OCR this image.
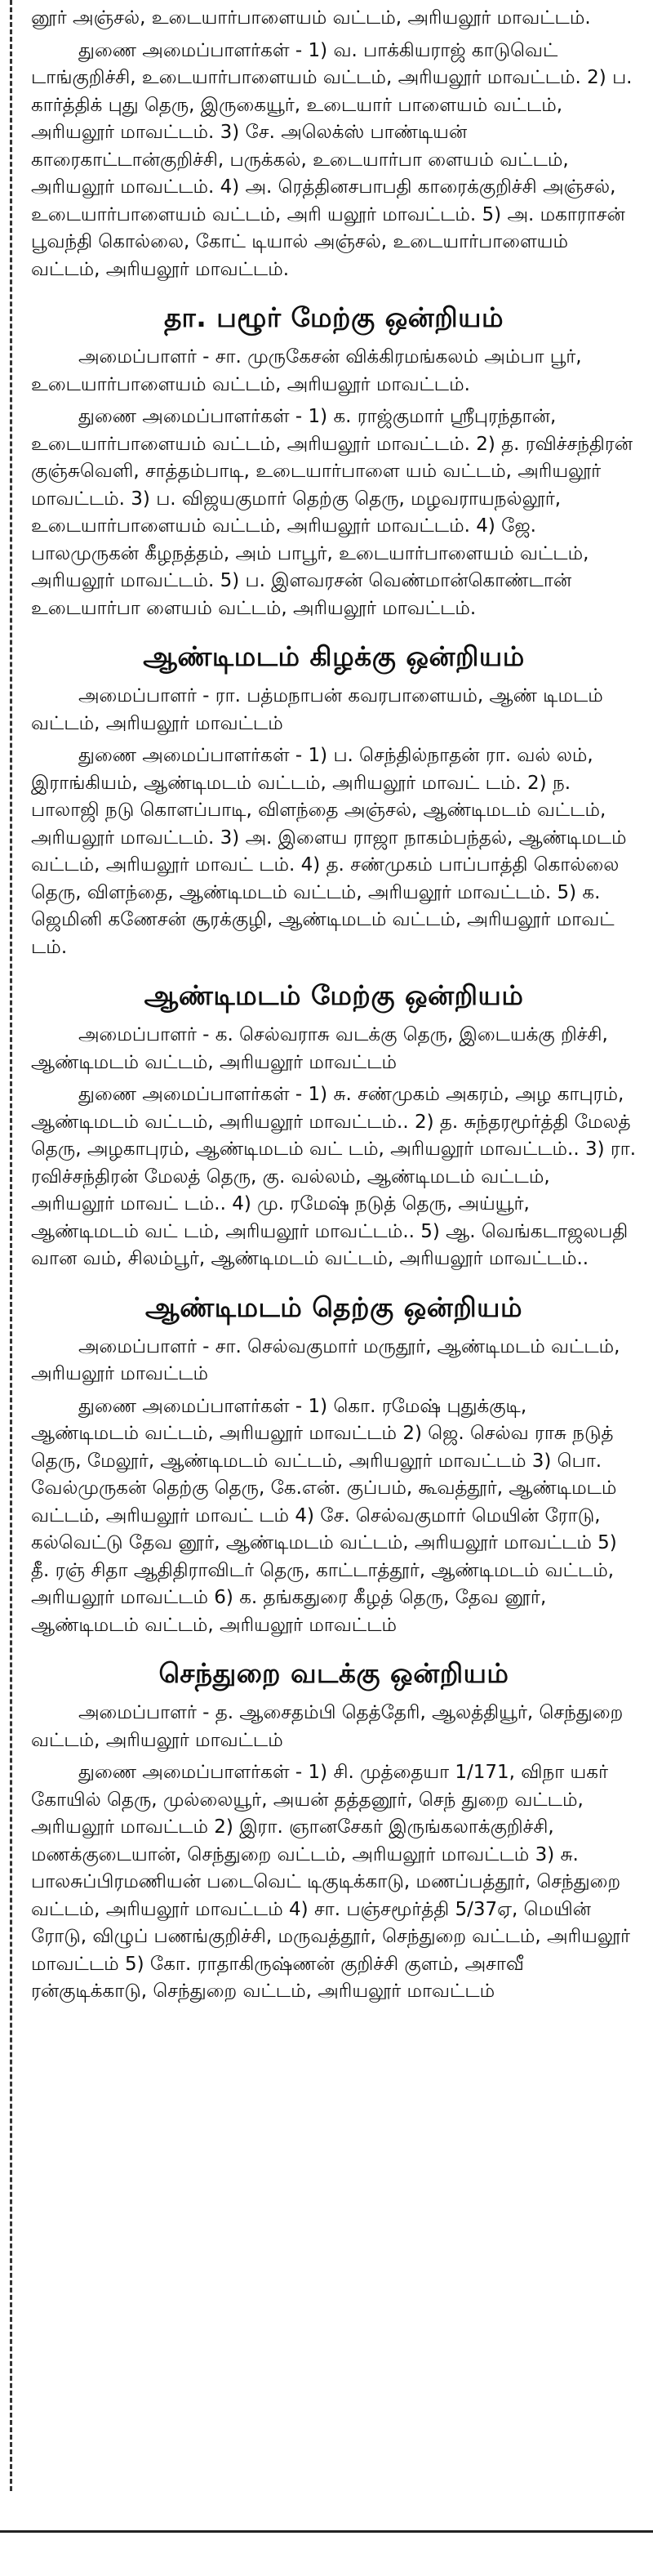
னூர் அஞ்சல், உடையார்பாளையம் வட்டம், அரியலூர் மாவட்டம்.

துணை அமைப்பாளர்கள் - 1) வ. பாக்கியராஜ் காடுவெட் டாங்குறிச்சி, உடையார்பாளையம் வட்டம், அரியலூர் மாவட்டம். 2) ப. கார்த்திக் புது தெரு, இருகையூர், உடையார் பாளையம் வட்டம், அரியலூர் மாவட்டம். 3) சே. அலெக்ஸ் பாண்டியன் காரைகாட்டான்குறிச்சி, பருக்கல், உடையார்பா ளையம் வட்டம், அரியலூர் மாவட்டம். 4) அ. ரெத்தினசபாபதி காரைக்குறிச்சி அஞ்சல், உடையார்பாளையம் வட்டம், அரி யலூர் மாவட்டம். 5) அ. மகாராசன் பூவந்தி கொல்லை, கோட் டியால் அஞ்சல், உடையார்பாளையம் வட்டம், அரியலூர் மாவட்டம்.

தா. பழூர் மேற்கு ஒன்றியம்

அமைப்பாளர் - சா. முருகேசன் விக்கிரமங்கலம் அம்பா பூர், உடையார்பாளையம் வட்டம், அரியலூர் மாவட்டம்.

துணை அமைப்பாளர்கள் - 1) க. ராஜ்குமார் ஸ்ரீபுரந்தான், உடையார்பாளையம் வட்டம், அரியலூர் மாவட்டம். 2) த. ரவிச்சந்திரன் குஞ்சுவெளி, சாத்தம்பாடி, உடையார்பாளை யம் வட்டம், அரியலூர் மாவட்டம். 3) ப. விஜயகுமார் தெற்கு தெரு, மழவராயநல்லூர், உடையார்பாளையம் வட்டம், அரியலூர் மாவட்டம். 4) ஜே. பாலமுருகன் கீழநத்தம், அம் பாபூர், உடையார்பாளையம் வட்டம், அரியலூர் மாவட்டம். 5) ப. இளவரசன் வெண்மான்கொண்டான் உடையார்பா ளையம் வட்டம், அரியலூர் மாவட்டம்.

ஆண்டிமடம் கிழக்கு ஒன்றியம்

அமைப்பாளர் - ரா. பத்மநாபன் கவரபாளையம், ஆண் டிமடம் வட்டம், அரியலூர் மாவட்டம்

துணை அமைப்பாளர்கள் - 1) ப. செந்தில்நாதன் ரா. வல் லம், இராங்கியம், ஆண்டிமடம் வட்டம், அரியலூர் மாவட் டம். 2) ந. பாலாஜி நடு கொளப்பாடி, விளந்தை அஞ்சல், ஆண்டிமடம் வட்டம், அரியலூர் மாவட்டம். 3) அ. இளைய ராஜா நாகம்பந்தல், ஆண்டிமடம் வட்டம், அரியலூர் மாவட் டம். 4) த. சண்முகம் பாப்பாத்தி கொல்லை தெரு, விளந்தை, ஆண்டிமடம் வட்டம், அரியலூர் மாவட்டம். 5) க. ஜெமினி கணேசன் சூரக்குழி, ஆண்டிமடம் வட்டம், அரியலூர் மாவட் டம்.

ஆண்டிமடம் மேற்கு ஒன்றியம்

அமைப்பாளர் - க. செல்வராசு வடக்கு தெரு, இடையக்கு றிச்சி, ஆண்டிமடம் வட்டம், அரியலூர் மாவட்டம்

துணை அமைப்பாளர்கள் - 1) சு. சண்முகம் அகரம், அழ காபுரம், ஆண்டிமடம் வட்டம், அரியலூர் மாவட்டம்.. 2) த. சுந்தரமூர்த்தி மேலத் தெரு, அழகாபுரம், ஆண்டிமடம் வட் டம், அரியலூர் மாவட்டம்.. 3) ரா. ரவிச்சந்திரன் மேலத் தெரு, கு. வல்லம், ஆண்டிமடம் வட்டம், அரியலூர் மாவட் டம்.. 4) மு. ரமேஷ் நடுத் தெரு, அய்யூர், ஆண்டிமடம் வட் டம், அரியலூர் மாவட்டம்.. 5) ஆ. வெங்கடாஜலபதி வான வம், சிலம்பூர், ஆண்டிமடம் வட்டம், அரியலூர் மாவட்டம்..

ஆண்டிமடம் தெற்கு ஒன்றியம்

அமைப்பாளர் - சா. செல்வகுமார் மருதூர், ஆண்டிமடம் வட்டம், அரியலூர் மாவட்டம்

துணை அமைப்பாளர்கள் - 1) கொ. ரமேஷ் புதுக்குடி, ஆண்டிமடம் வட்டம், அரியலூர் மாவட்டம் 2) ஜெ. செல்வ ராசு நடுத் தெரு, மேலூர், ஆண்டிமடம் வட்டம், அரியலூர் மாவட்டம் 3) பொ. வேல்முருகன் தெற்கு தெரு, கே.என். குப்பம், கூவத்தூர், ஆண்டிமடம் வட்டம், அரியலூர் மாவட் டம் 4) சே. செல்வகுமார் மெயின் ரோடு, கல்வெட்டு தேவ னூர், ஆண்டிமடம் வட்டம், அரியலூர் மாவட்டம் 5) தீ. ரஞ் சிதா ஆதிதிராவிடர் தெரு, காட்டாத்தூர், ஆண்டிமடம் வட்டம், அரியலூர் மாவட்டம் 6) க. தங்கதுரை கீழத் தெரு, தேவ னூர், ஆண்டிமடம் வட்டம், அரியலூர் மாவட்டம்

செந்துறை வடக்கு ஒன்றியம்

அமைப்பாளர் - த. ஆசைதம்பி தெத்தேரி, ஆலத்தியூர், செந்துறை வட்டம், அரியலூர் மாவட்டம்

துணை அமைப்பாளர்கள் - 1) சி. முத்தையா 1/171, விநா யகர் கோயில் தெரு, முல்லையூர், அயன் தத்தனூர், செந் துறை வட்டம், அரியலூர் மாவட்டம் 2) இரா. ஞானசேகர் இருங்கலாக்குறிச்சி, மணக்குடையான், செந்துறை வட்டம், அரியலூர் மாவட்டம் 3) சு. பாலசுப்பிரமணியன் படைவெட் டிகுடிக்காடு, மணப்பத்தூர், செந்துறை வட்டம், அரியலூர் மாவட்டம் 4) சா. பஞ்சமூர்த்தி 5/37ஏ, மெயின் ரோடு, விழுப் பணங்குறிச்சி, மருவத்தூர், செந்துறை வட்டம், அரியலூர் மாவட்டம் 5) கோ. ராதாகிருஷ்ணன் குறிச்சி குளம், அசாவீ ரன்குடிக்காடு, செந்துறை வட்டம், அரியலூர் மாவட்டம்
